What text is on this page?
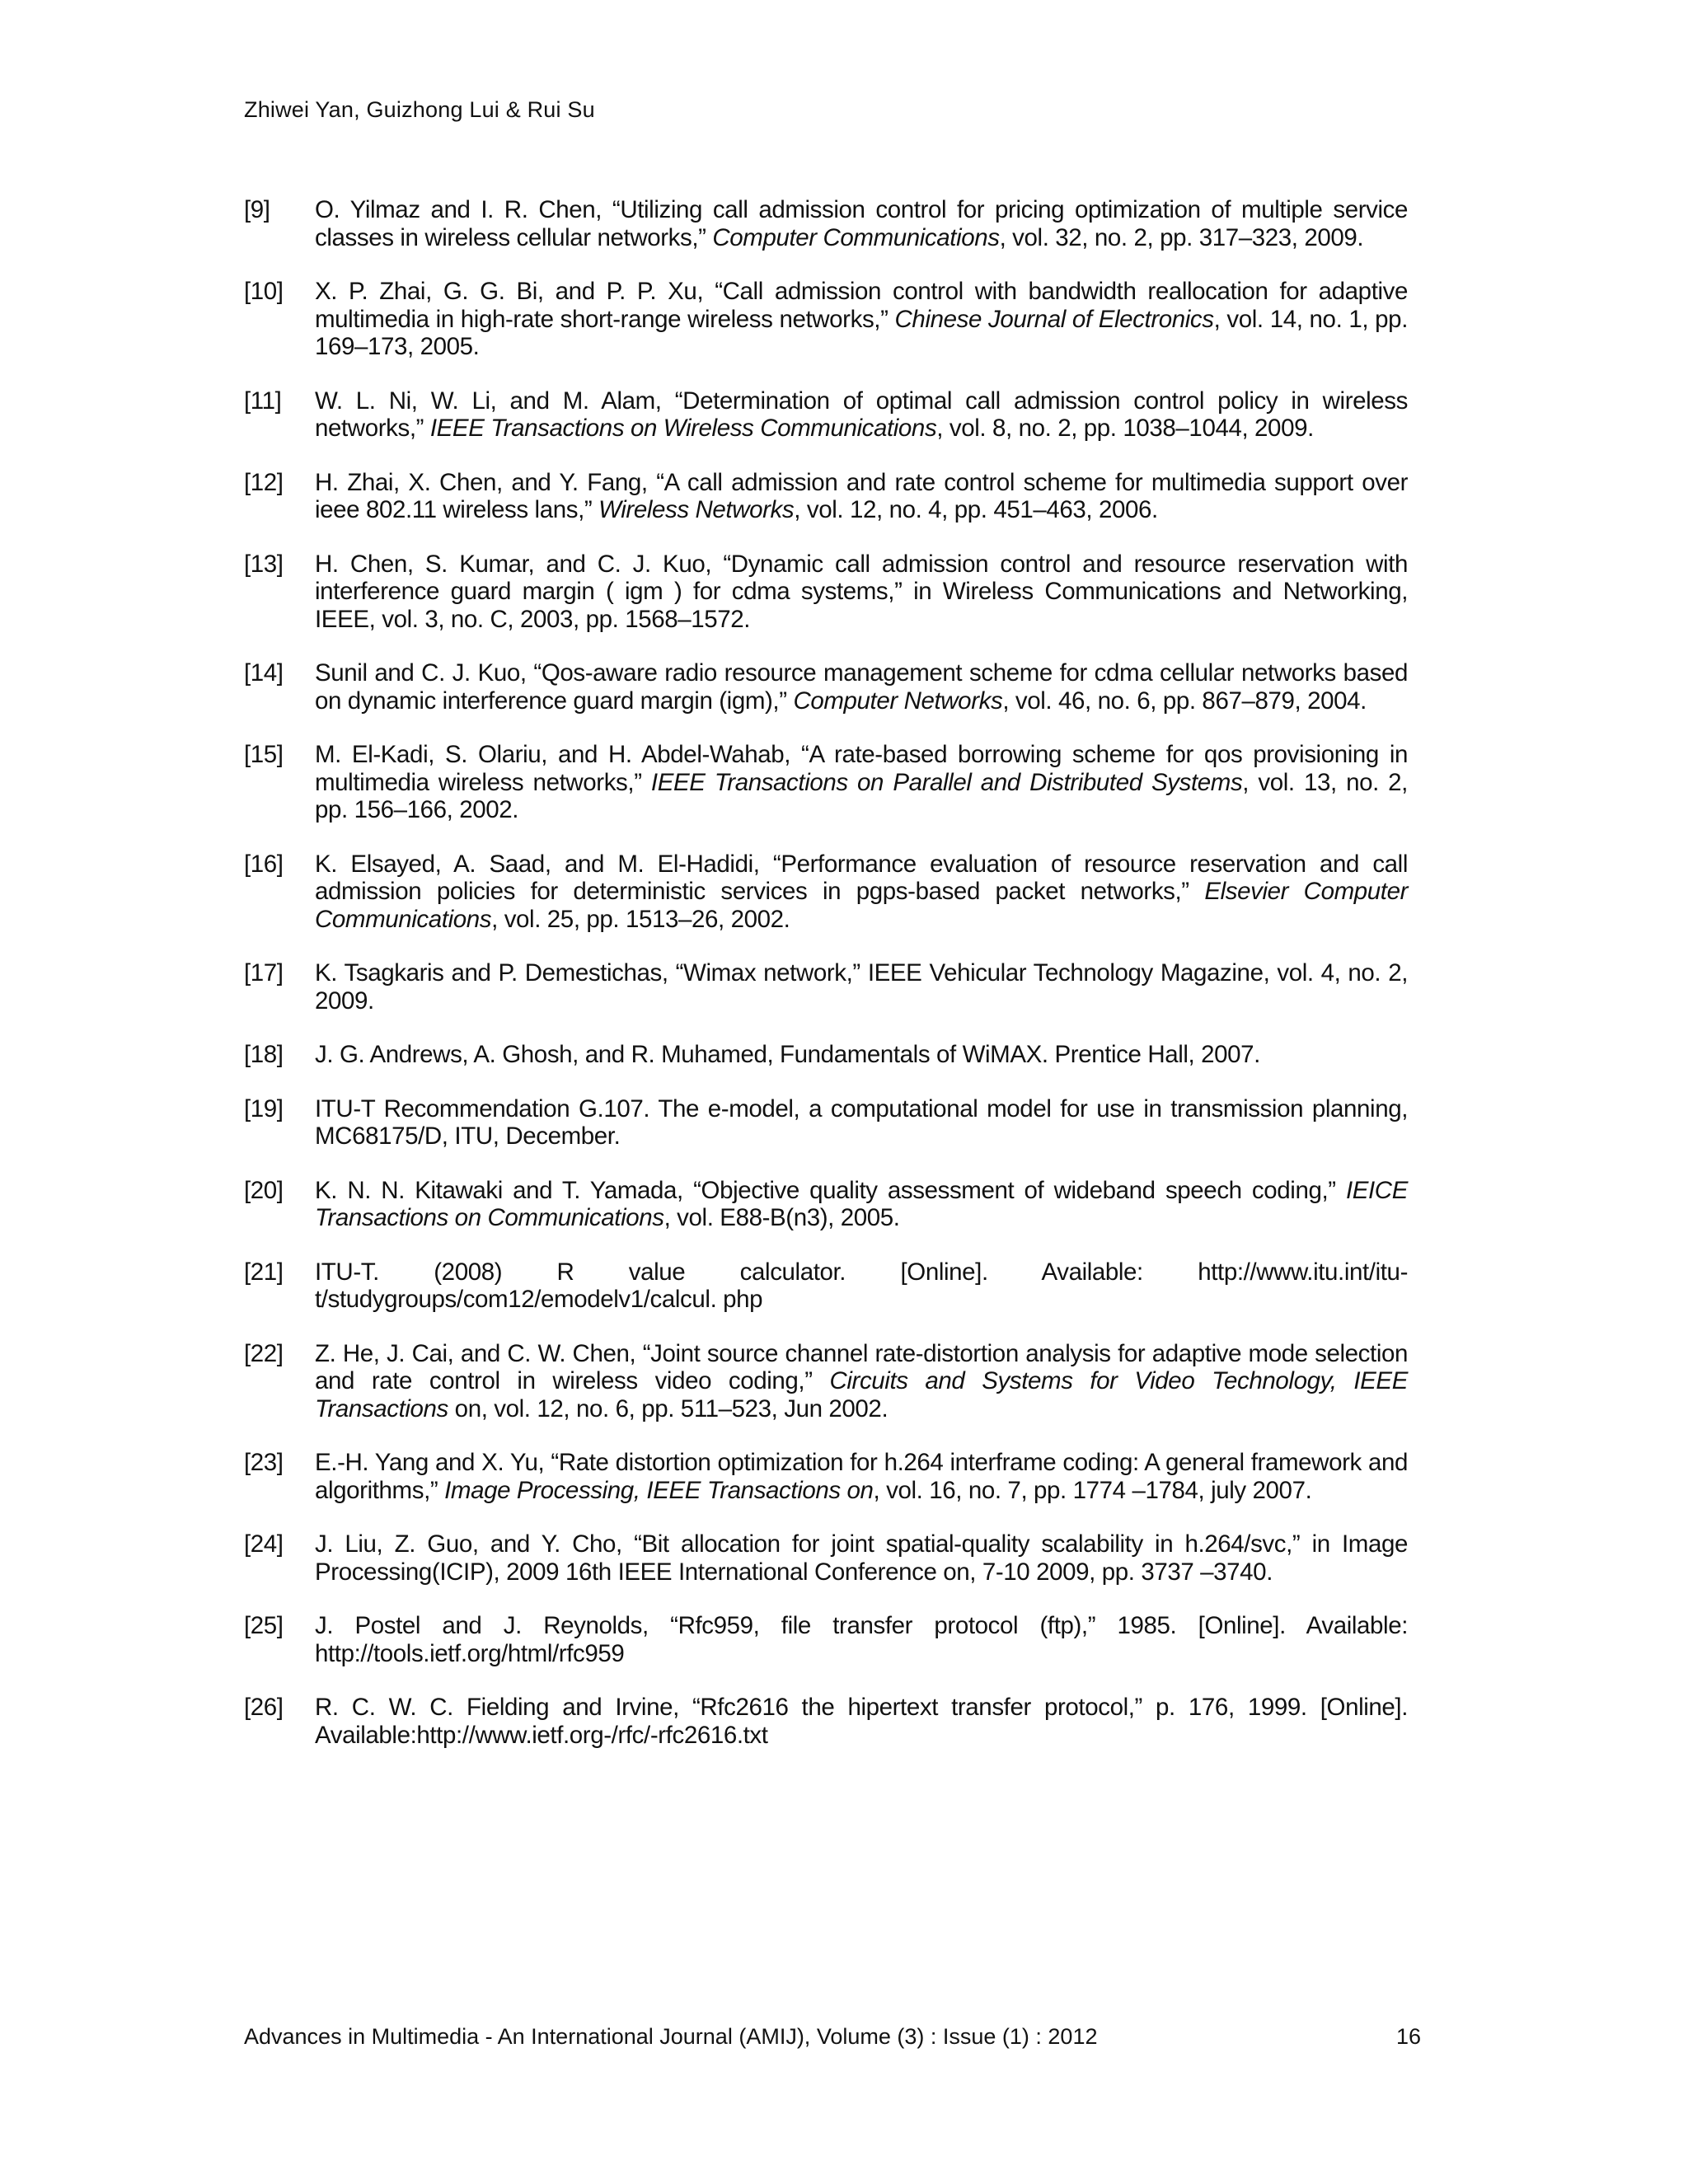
Zhiwei Yan, Guizhong Lui & Rui Su
[9] O. Yilmaz and I. R. Chen, “Utilizing call admission control for pricing optimization of multiple service classes in wireless cellular networks,” Computer Communications, vol. 32, no. 2, pp. 317–323, 2009.
[10] X. P. Zhai, G. G. Bi, and P. P. Xu, “Call admission control with bandwidth reallocation for adaptive multimedia in high-rate short-range wireless networks,” Chinese Journal of Electronics, vol. 14, no. 1, pp. 169–173, 2005.
[11] W. L. Ni, W. Li, and M. Alam, “Determination of optimal call admission control policy in wireless networks,” IEEE Transactions on Wireless Communications, vol. 8, no. 2, pp. 1038–1044, 2009.
[12] H. Zhai, X. Chen, and Y. Fang, “A call admission and rate control scheme for multimedia support over ieee 802.11 wireless lans,” Wireless Networks, vol. 12, no. 4, pp. 451–463, 2006.
[13] H. Chen, S. Kumar, and C. J. Kuo, “Dynamic call admission control and resource reservation with interference guard margin ( igm ) for cdma systems,” in Wireless Communications and Networking, IEEE, vol. 3, no. C, 2003, pp. 1568–1572.
[14] Sunil and C. J. Kuo, “Qos-aware radio resource management scheme for cdma cellular networks based on dynamic interference guard margin (igm),” Computer Networks, vol. 46, no. 6, pp. 867–879, 2004.
[15] M. El-Kadi, S. Olariu, and H. Abdel-Wahab, “A rate-based borrowing scheme for qos provisioning in multimedia wireless networks,” IEEE Transactions on Parallel and Distributed Systems, vol. 13, no. 2, pp. 156–166, 2002.
[16] K. Elsayed, A. Saad, and M. El-Hadidi, “Performance evaluation of resource reservation and call admission policies for deterministic services in pgps-based packet networks,” Elsevier Computer Communications, vol. 25, pp. 1513–26, 2002.
[17] K. Tsagkaris and P. Demestichas, “Wimax network,” IEEE Vehicular Technology Magazine, vol. 4, no. 2, 2009.
[18] J. G. Andrews, A. Ghosh, and R. Muhamed, Fundamentals of WiMAX. Prentice Hall, 2007.
[19] ITU-T Recommendation G.107. The e-model, a computational model for use in transmission planning, MC68175/D, ITU, December.
[20] K. N. N. Kitawaki and T. Yamada, “Objective quality assessment of wideband speech coding,” IEICE Transactions on Communications, vol. E88-B(n3), 2005.
[21] ITU-T. (2008) R value calculator. [Online]. Available: http://www.itu.int/itu-t/studygroups/com12/emodelv1/calcul. php
[22] Z. He, J. Cai, and C. W. Chen, “Joint source channel rate-distortion analysis for adaptive mode selection and rate control in wireless video coding,” Circuits and Systems for Video Technology, IEEE Transactions on, vol. 12, no. 6, pp. 511–523, Jun 2002.
[23] E.-H. Yang and X. Yu, “Rate distortion optimization for h.264 interframe coding: A general framework and algorithms,” Image Processing, IEEE Transactions on, vol. 16, no. 7, pp. 1774 –1784, july 2007.
[24] J. Liu, Z. Guo, and Y. Cho, “Bit allocation for joint spatial-quality scalability in h.264/svc,” in Image Processing(ICIP), 2009 16th IEEE International Conference on, 7-10 2009, pp. 3737 –3740.
[25] J. Postel and J. Reynolds, “Rfc959, file transfer protocol (ftp),” 1985. [Online]. Available: http://tools.ietf.org/html/rfc959
[26] R. C. W. C. Fielding and Irvine, “Rfc2616 the hipertext transfer protocol,” p. 176, 1999. [Online]. Available:http://www.ietf.org-/rfc/-rfc2616.txt
Advances in Multimedia - An International Journal (AMIJ), Volume (3) : Issue (1) : 2012	16
